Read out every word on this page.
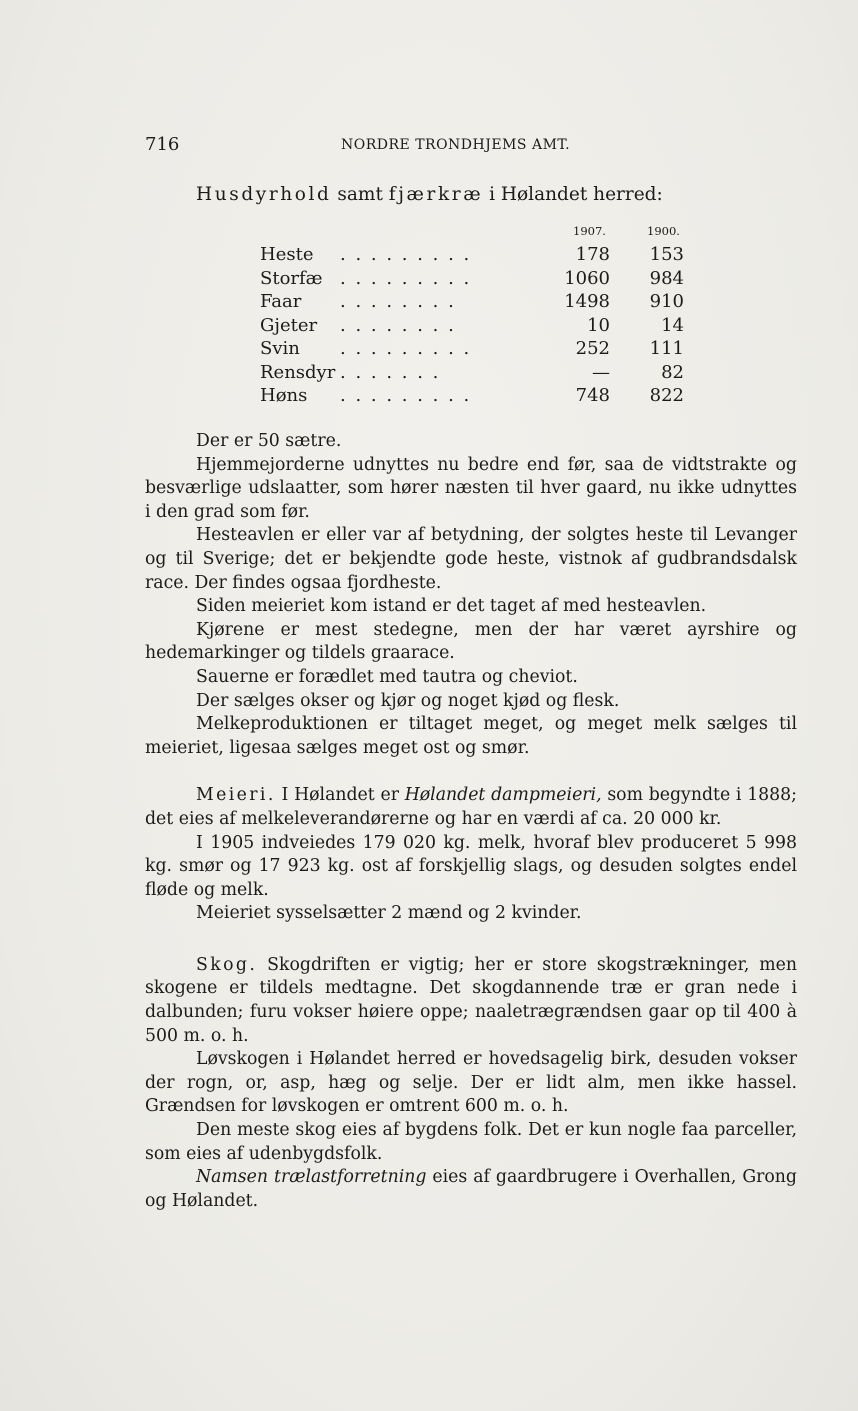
716	NORDRE TRONDHJEMS AMT.
Husdyrhold samt fjærkræ i Hølandet herred:
1907.	1900.
Heste . . . . . . . . .	178 153
Storfæ . . . . . . . . .	1060 984
Faar . . . . . . . .	1498 910
Gjeter . . . . . . . .	10	14
Svin . . . . . . . . .	252 111
Rensdyr . . . . . . .	—	82
Høns . . . . . . . . .	748 822

Der er 50 sætre.

Hjemmejorderne udnyttes nu bedre end før, saa de vidtstrakte og besværlige udslaatter, som hører næsten til hver gaard, nu ikke udnyttes i den grad som før.

Hesteavlen er eller var af betydning, der solgtes heste til Levanger og til Sverige; det er bekjendte gode heste, vistnok af gudbrandsdalsk race. Der findes ogsaa fjordheste.

Siden meieriet kom istand er det taget af med hesteavlen.

Kjørene er mest stedegne, men der har været ayrshire og hedemarkinger og tildels graarace.

Sauerne er forædlet med tautra og cheviot.

Der sælges okser og kjør og noget kjød og flesk.

Melkeproduktionen er tiltaget meget, og meget melk sælges til meieriet, ligesaa sælges meget ost og smør.

Meieri. I Hølandet er Hølandet dampmeieri, som begyndte i 1888; det eies af melkeleverandørerne og har en værdi af ca. 20 000 kr.

I 1905 indveiedes 179 020 kg. melk, hvoraf blev produceret 5 998 kg. smør og 17 923 kg. ost af forskjellig slags, og desuden solgtes endel fløde og melk.

Meieriet sysselsætter 2 mænd og 2 kvinder.

Skog. Skogdriften er vigtig; her er store skogstrækninger, men skogene er tildels medtagne. Det skogdannende træ er gran nede i dalbunden; furu vokser høiere oppe; naaletrægrændsen gaar op til 400 à 500 m. o. h.

Løvskogen i Hølandet herred er hovedsagelig birk, desuden vokser der rogn, or, asp, hæg og selje. Der er lidt alm, men ikke hassel. Grændsen for løvskogen er omtrent 600 m. o. h.

Den meste skog eies af bygdens folk. Det er kun nogle faa parceller, som eies af udenbygdsfolk.

Namsen trælastforretning eies af gaardbrugere i Overhallen, Grong og Hølandet.
